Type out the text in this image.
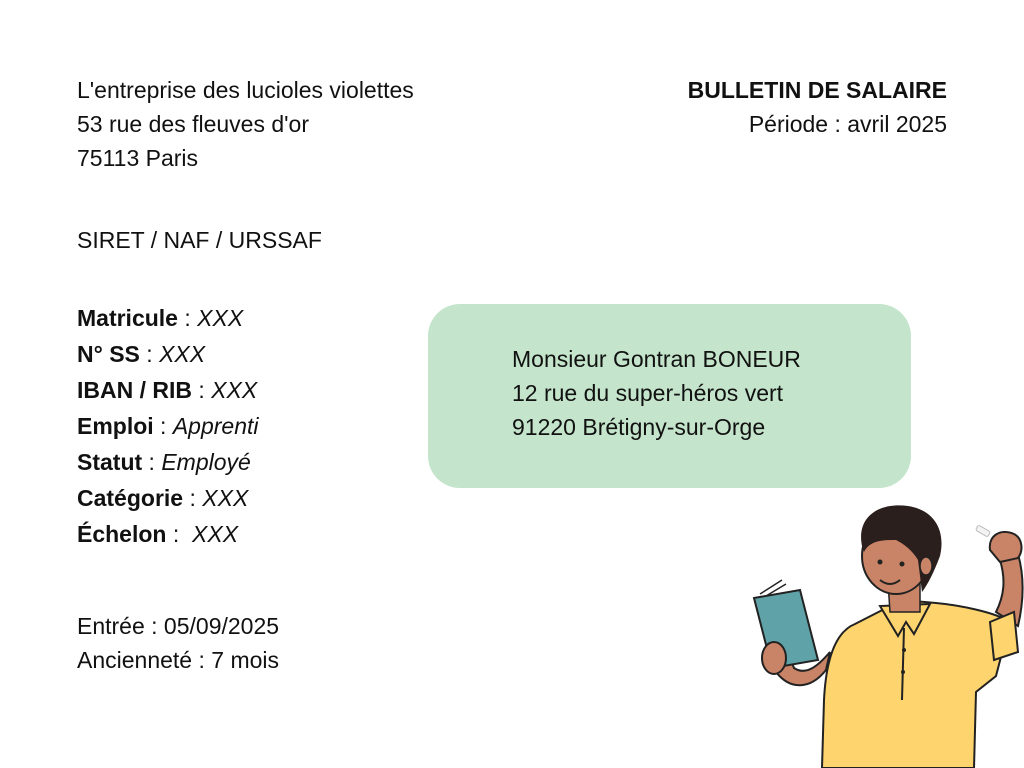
L'entreprise des lucioles violettes
53 rue des fleuves d'or
75113 Paris
BULLETIN DE SALAIRE
Période : avril 2025
SIRET / NAF / URSSAF
Matricule : XXX
N° SS : XXX
IBAN / RIB : XXX
Emploi : Apprenti
Statut : Employé
Catégorie : XXX
Échelon :  XXX
Entrée : 05/09/2025
Ancienneté : 7 mois
Monsieur Gontran BONEUR
12 rue du super-héros vert
91220 Brétigny-sur-Orge
